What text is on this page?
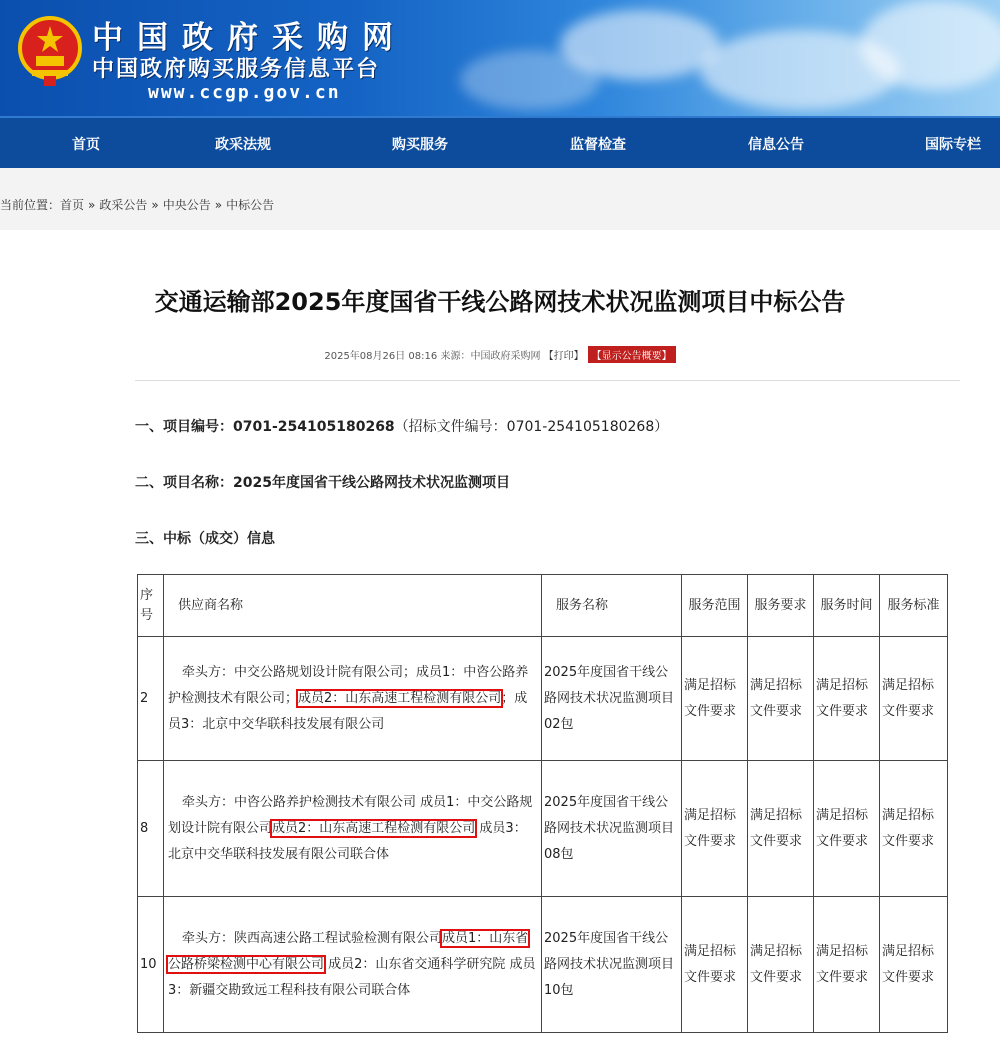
中国政府采购网
中国政府购买服务信息平台
www.ccgp.gov.cn
首页	政采法规	购买服务	监督检查	信息公告	国际专栏
当前位置：首页 » 政采公告 » 中央公告 » 中标公告
交通运输部2025年度国省干线公路网技术状况监测项目中标公告
2025年08月26日 08:16 来源：中国政府采购网 【打印】 【显示公告概要】
一、项目编号：0701-254105180268（招标文件编号：0701-254105180268）
二、项目名称：2025年度国省干线公路网技术状况监测项目
三、中标（成交）信息
序号	供应商名称	服务名称	服务范围	服务要求	服务时间	服务标准
2	牵头方：中交公路规划设计院有限公司；成员1：中咨公路养护检测技术有限公司；成员2：山东高速工程检测有限公司；成员3：北京中交华联科技发展有限公司	2025年度国省干线公路网技术状况监测项目02包	满足招标文件要求	满足招标文件要求	满足招标文件要求	满足招标文件要求
8	牵头方：中咨公路养护检测技术有限公司 成员1：中交公路规划设计院有限公司成员2：山东高速工程检测有限公司 成员3：北京中交华联科技发展有限公司联合体	2025年度国省干线公路网技术状况监测项目08包	满足招标文件要求	满足招标文件要求	满足招标文件要求	满足招标文件要求
10	牵头方：陕西高速公路工程试验检测有限公司成员1：山东省公路桥梁检测中心有限公司 成员2：山东省交通科学研究院 成员3：新疆交勘致远工程科技有限公司联合体	2025年度国省干线公路网技术状况监测项目10包	满足招标文件要求	满足招标文件要求	满足招标文件要求	满足招标文件要求
